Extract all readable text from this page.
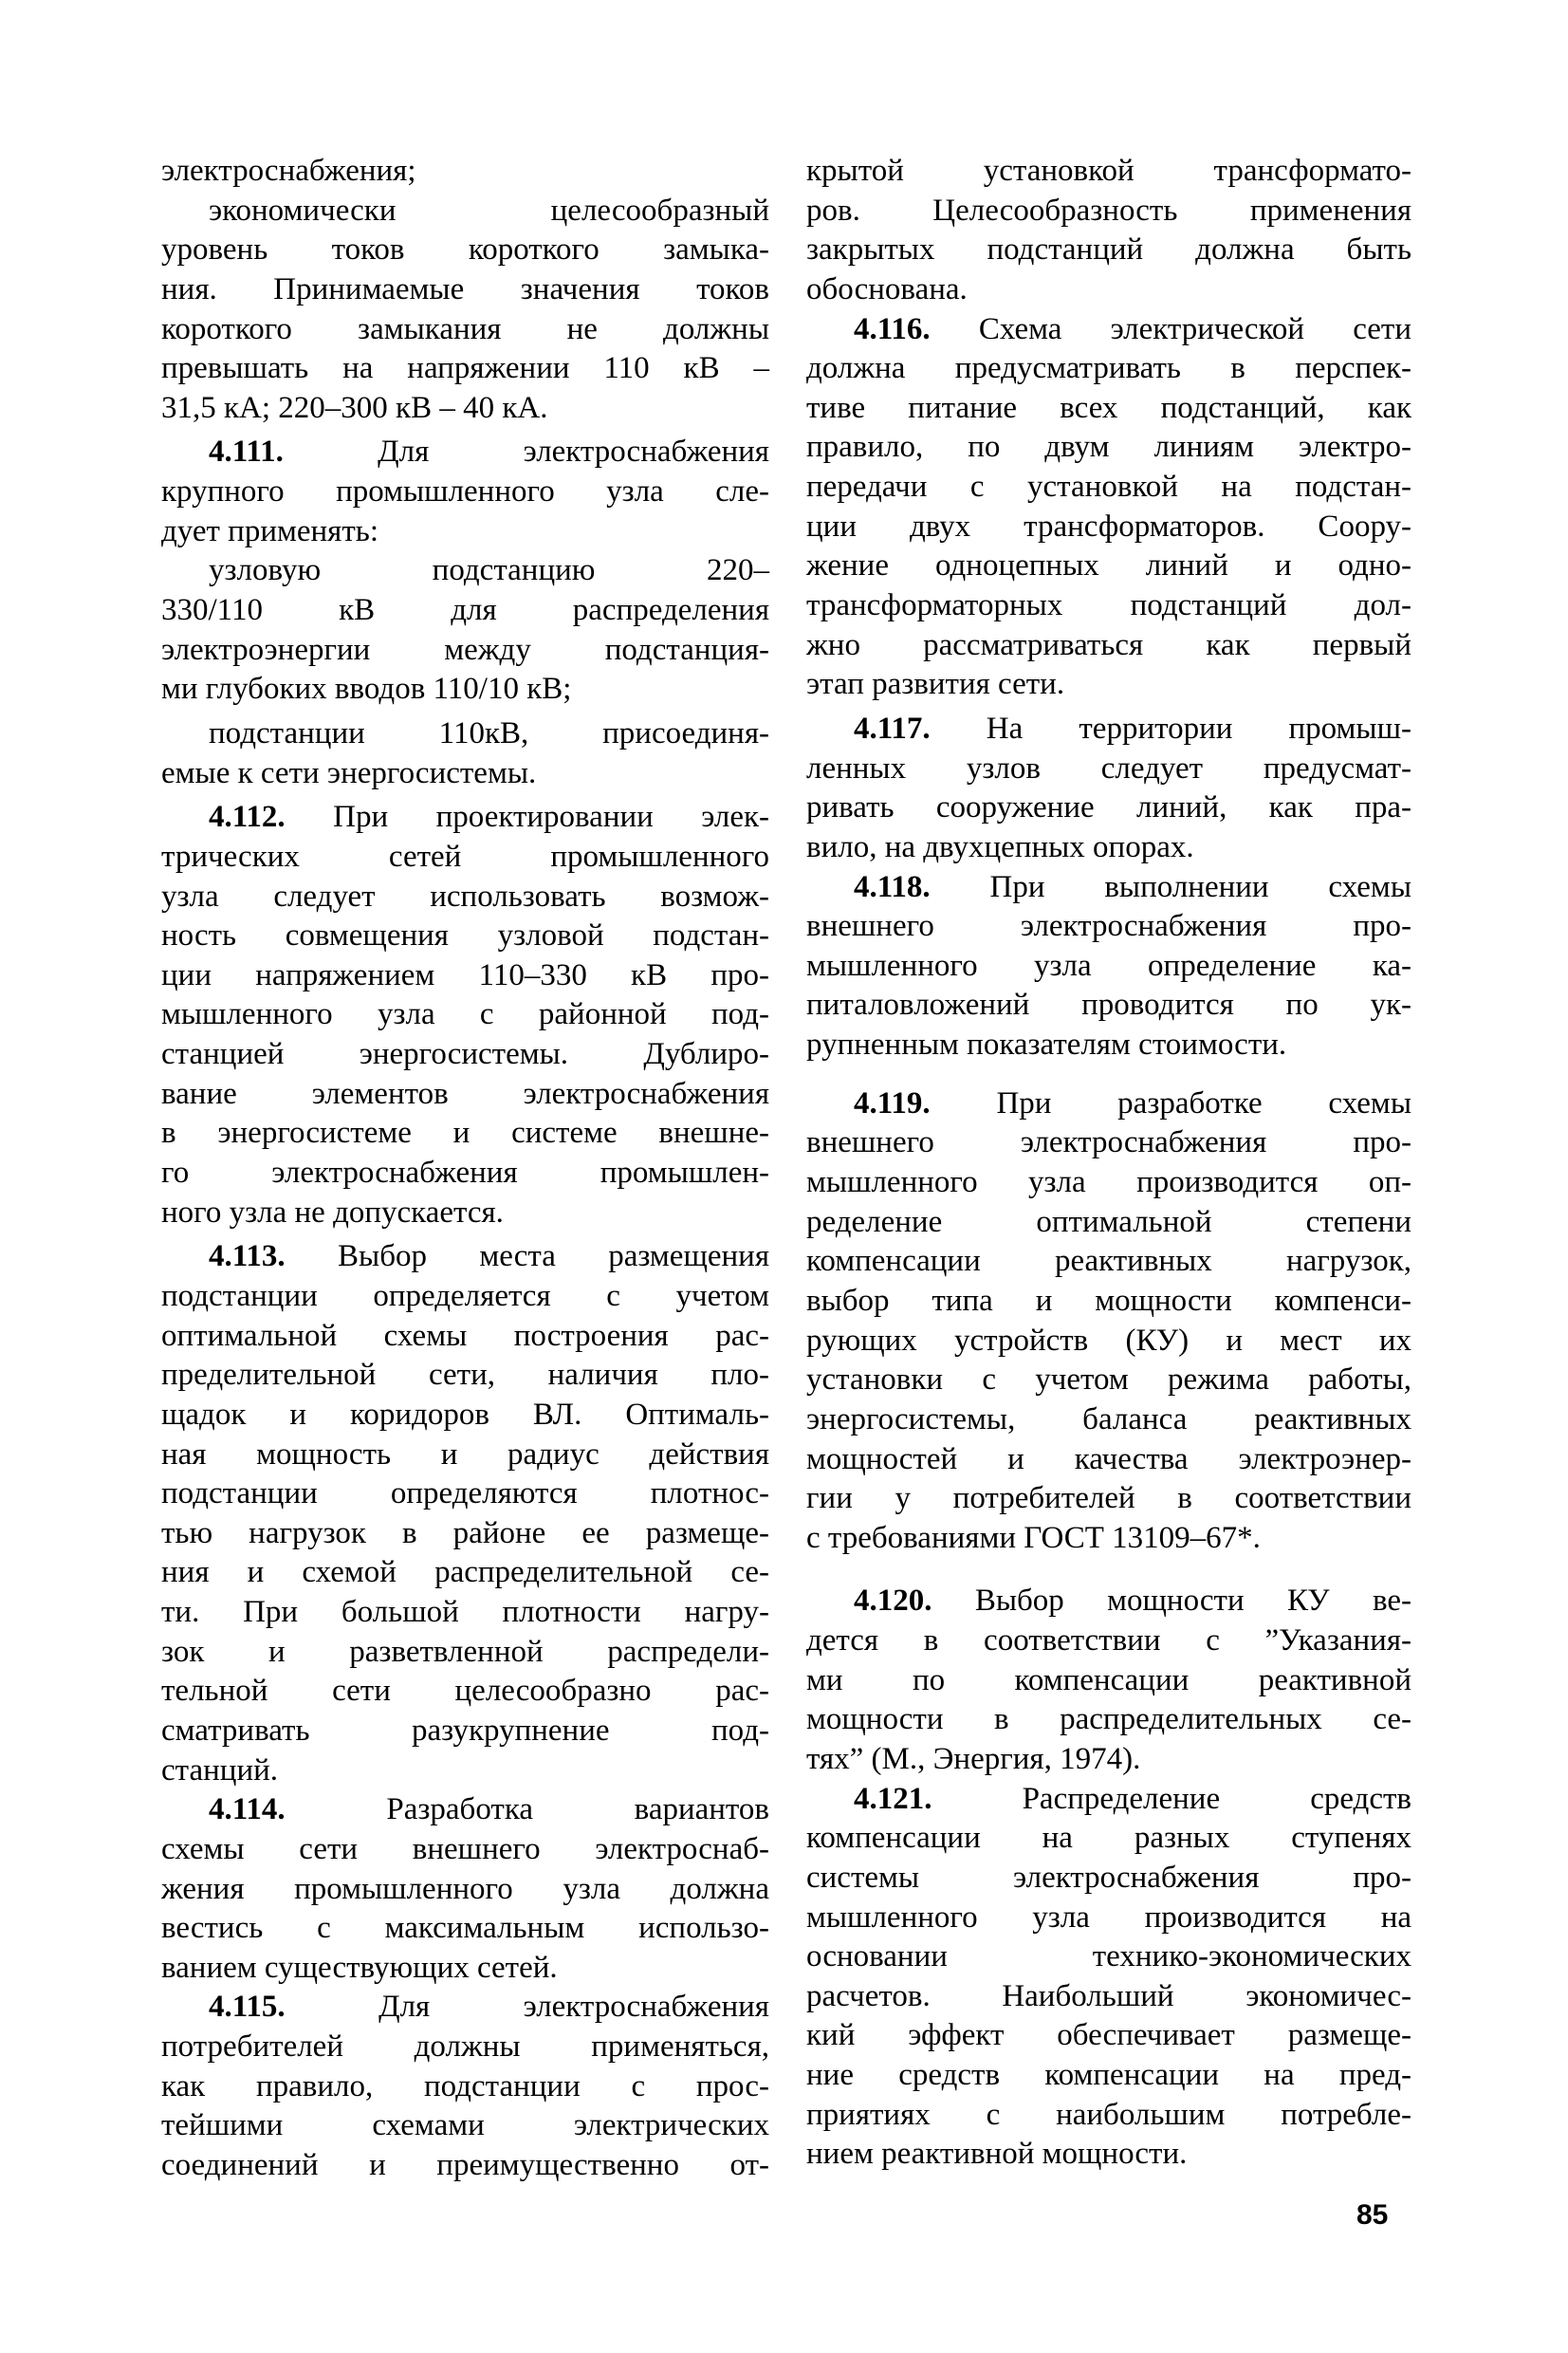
электроснабжения;
экономически целесообразный
уровень токов короткого замыка-
ния. Принимаемые значения токов
короткого замыкания не должны
превышать на напряжении 110 кВ –
31,5 кА; 220–300 кВ – 40 кА.
4.111. Для электроснабжения
крупного промышленного узла сле-
дует применять:
узловую подстанцию 220–
330/110 кВ для распределения
электроэнергии между подстанция-
ми глубоких вводов 110/10 кВ;
подстанции 110кВ, присоединя-
емые к сети энергосистемы.
4.112. При проектировании элек-
трических сетей промышленного
узла следует использовать возмож-
ность совмещения узловой подстан-
ции напряжением 110–330 кВ про-
мышленного узла с районной под-
станцией энергосистемы. Дублиро-
вание элементов электроснабжения
в энергосистеме и системе внешне-
го электроснабжения промышлен-
ного узла не допускается.
4.113. Выбор места размещения
подстанции определяется с учетом
оптимальной схемы построения рас-
пределительной сети, наличия пло-
щадок и коридоров ВЛ. Оптималь-
ная мощность и радиус действия
подстанции определяются плотнос-
тью нагрузок в районе ее размеще-
ния и схемой распределительной се-
ти. При большой плотности нагру-
зок и разветвленной распредели-
тельной сети целесообразно рас-
сматривать разукрупнение под-
станций.
4.114. Разработка вариантов
схемы сети внешнего электроснаб-
жения промышленного узла должна
вестись с максимальным использо-
ванием существующих сетей.
4.115. Для электроснабжения
потребителей должны применяться,
как правило, подстанции с прос-
тейшими схемами электрических
соединений и преимущественно от-
крытой установкой трансформато-
ров. Целесообразность применения
закрытых подстанций должна быть
обоснована.
4.116. Схема электрической сети
должна предусматривать в перспек-
тиве питание всех подстанций, как
правило, по двум линиям электро-
передачи с установкой на подстан-
ции двух трансформаторов. Соору-
жение одноцепных линий и одно-
трансформаторных подстанций дол-
жно рассматриваться как первый
этап развития сети.
4.117. На территории промыш-
ленных узлов следует предусмат-
ривать сооружение линий, как пра-
вило, на двухцепных опорах.
4.118. При выполнении схемы
внешнего электроснабжения про-
мышленного узла определение ка-
питаловложений проводится по ук-
рупненным показателям стоимости.
4.119. При разработке схемы
внешнего электроснабжения про-
мышленного узла производится оп-
ределение оптимальной степени
компенсации реактивных нагрузок,
выбор типа и мощности компенси-
рующих устройств (КУ) и мест их
установки с учетом режима работы,
энергосистемы, баланса реактивных
мощностей и качества электроэнер-
гии у потребителей в соответствии
с требованиями ГОСТ 13109–67*.
4.120. Выбор мощности КУ ве-
дется в соответствии с ”Указания-
ми по компенсации реактивной
мощности в распределительных се-
тях” (М., Энергия, 1974).
4.121. Распределение средств
компенсации на разных ступенях
системы электроснабжения про-
мышленного узла производится на
основании технико-экономических
расчетов. Наибольший экономичес-
кий эффект обеспечивает размеще-
ние средств компенсации на пред-
приятиях с наибольшим потребле-
нием реактивной мощности.
85
